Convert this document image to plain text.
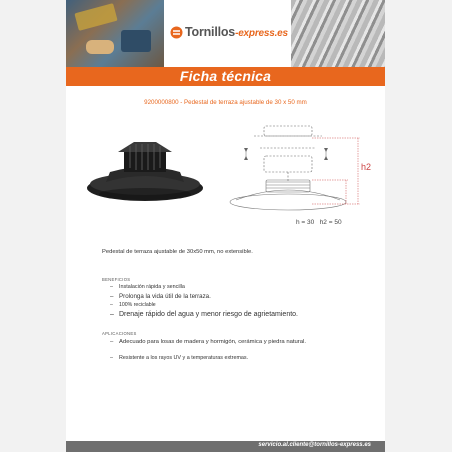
Tornillos-express.es
Ficha técnica
9200000800 - Pedestal de terraza ajustable de 30 x 50 mm
h2
h = 30 h2 = 50
Pedestal de terraza ajustable de 30x50 mm, no extensible.
BENEFICIOS
– Instalación rápida y sencilla
– Prolonga la vida útil de la terraza.
– 100% reciclable
– Drenaje rápido del agua y menor riesgo de agrietamiento.
APLICACIONES
– Adecuado para losas de madera y hormigón, cerámica y piedra natural.
– Resistente a los rayos UV y a temperaturas extremas.
servicio.al.cliente@tornillos-express.es
